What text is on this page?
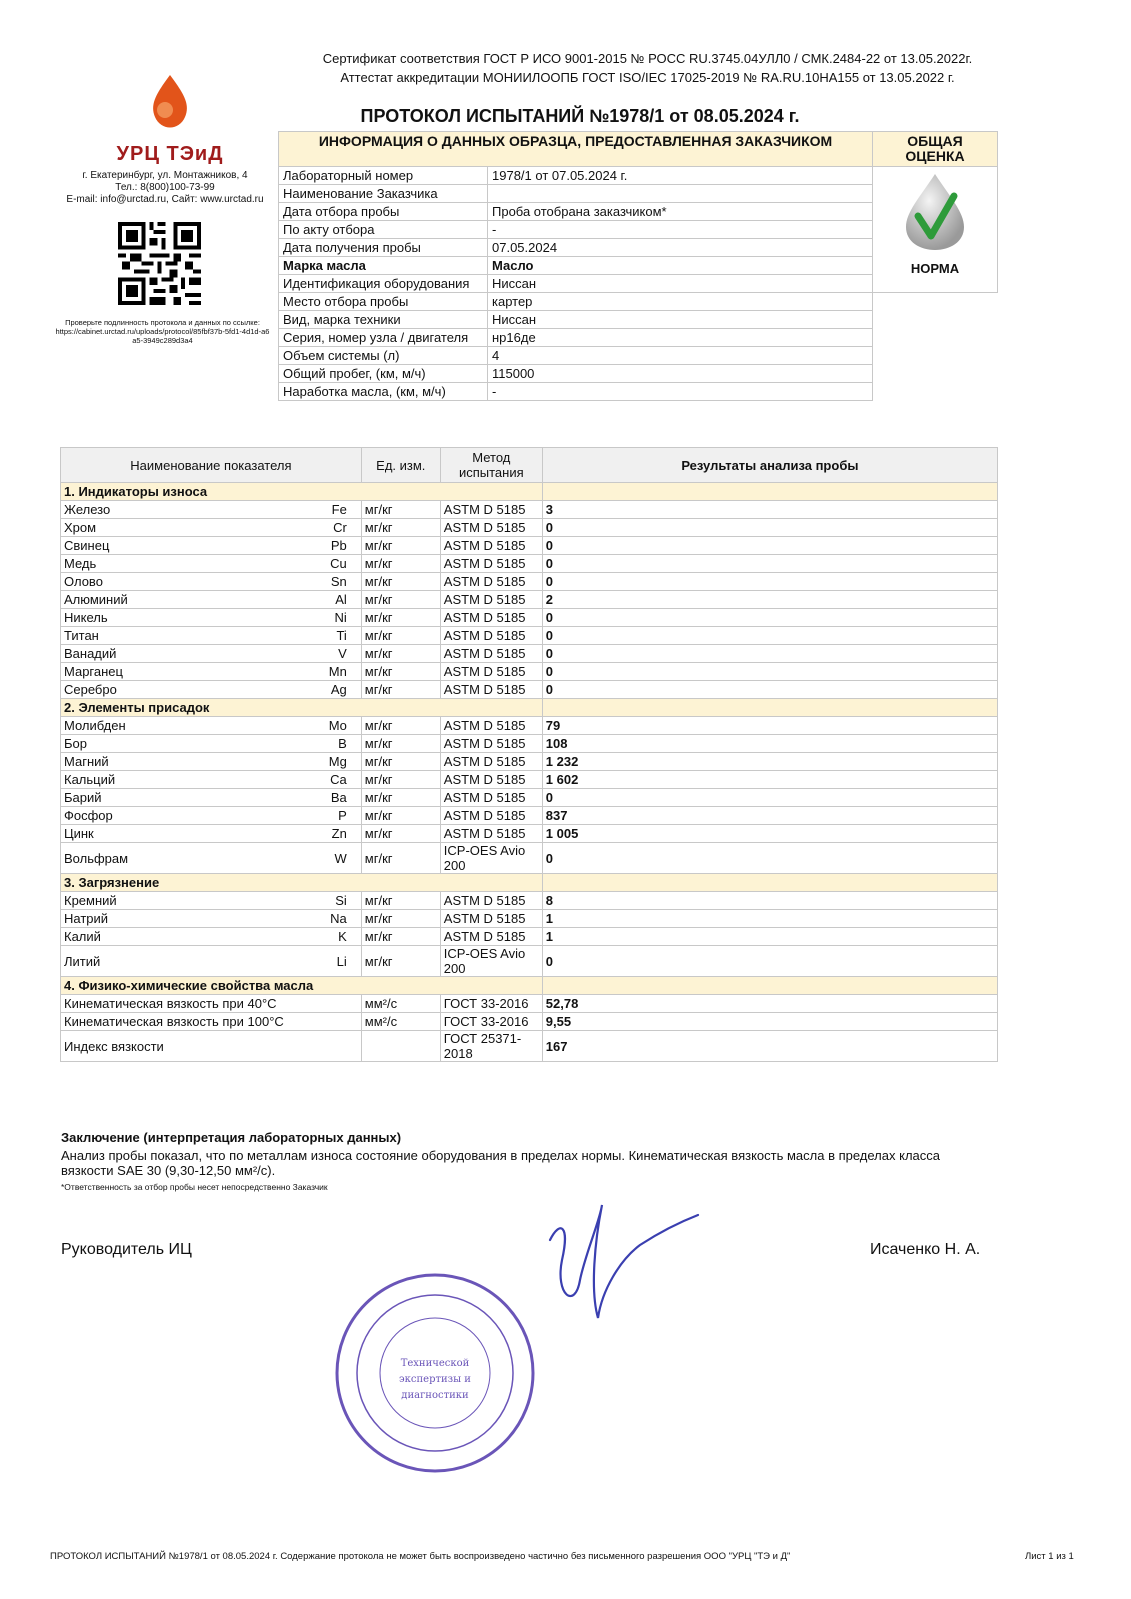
УРЦ ТЭиД
г. Екатеринбург, ул. Монтажников, 4
Тел.: 8(800)100-73-99
E-mail: info@urctad.ru, Сайт: www.urctad.ru
Проверьте подлинность протокола и данных по ссылке:
https://cabinet.urctad.ru/uploads/protocol/85fbf37b-5fd1-4d1d-a6a5-3949c289d3a4
Сертификат соответствия ГОСТ Р ИСО 9001-2015 № РОСС RU.3745.04УЛЛ0 / СМК.2484-22 от 13.05.2022г.
Аттестат аккредитации МОНИИЛООПБ ГОСТ ISO/IEC 17025-2019 № RA.RU.10НА155 от 13.05.2022 г.
ПРОТОКОЛ ИСПЫТАНИЙ №1978/1 от 08.05.2024 г.
ИНФОРМАЦИЯ О ДАННЫХ ОБРАЗЦА, ПРЕДОСТАВЛЕННАЯ ЗАКАЗЧИКОМ		ОБЩАЯ ОЦЕНКА
Лабораторный номер	1978/1 от 07.05.2024 г.	НОРМА

Наименование Заказчика		
Дата отбора пробы	Проба отобрана заказчиком*	
По акту отбора	-	
Дата получения пробы	07.05.2024	
Марка масла	Масло	
Идентификация оборудования	Ниссан	
Место отбора пробы	картер	
Вид, марка техники	Ниссан	
Серия, номер узла / двигателя	нр16де	
Объем системы (л)	4	
Общий пробег, (км, м/ч)	115000	
Наработка масла, (км, м/ч)	-	
Наименование показателя		Ед. изм.	Метод испытания	Результаты анализа пробы
1. Индикаторы износа				
Железо	Fe	мг/кг	ASTM D 5185	3
Хром	Cr	мг/кг	ASTM D 5185	0
Свинец	Pb	мг/кг	ASTM D 5185	0
Медь	Cu	мг/кг	ASTM D 5185	0
Олово	Sn	мг/кг	ASTM D 5185	0
Алюминий	Al	мг/кг	ASTM D 5185	2
Никель	Ni	мг/кг	ASTM D 5185	0
Титан	Ti	мг/кг	ASTM D 5185	0
Ванадий	V	мг/кг	ASTM D 5185	0
Марганец	Mn	мг/кг	ASTM D 5185	0
Серебро	Ag	мг/кг	ASTM D 5185	0
2. Элементы присадок				
Молибден	Mo	мг/кг	ASTM D 5185	79
Бор	B	мг/кг	ASTM D 5185	108
Магний	Mg	мг/кг	ASTM D 5185	1 232
Кальций	Ca	мг/кг	ASTM D 5185	1 602
Барий	Ba	мг/кг	ASTM D 5185	0
Фосфор	P	мг/кг	ASTM D 5185	837
Цинк	Zn	мг/кг	ASTM D 5185	1 005
Вольфрам	W	мг/кг	ICP-OES Avio 200	0
3. Загрязнение				
Кремний	Si	мг/кг	ASTM D 5185	8
Натрий	Na	мг/кг	ASTM D 5185	1
Калий	K	мг/кг	ASTM D 5185	1
Литий	Li	мг/кг	ICP-OES Avio 200	0
4. Физико-химические свойства масла				
Кинематическая вязкость при 40°C		мм²/с	ГОСТ 33-2016	52,78
Кинематическая вязкость при 100°C		мм²/с	ГОСТ 33-2016	9,55
Индекс вязкости			ГОСТ 25371-2018	167
Заключение (интерпретация лабораторных данных)
Анализ пробы показал, что по металлам износа состояние оборудования в пределах нормы. Кинематическая вязкость масла в пределах класса вязкости SAE 30 (9,30-12,50 мм²/с).
*Ответственность за отбор пробы несет непосредственно Заказчик
Руководитель ИЦ	Исаченко Н. А.
Технической
экспертизы и
диагностики
ПРОТОКОЛ ИСПЫТАНИЙ №1978/1 от 08.05.2024 г. Содержание протокола не может быть воспроизведено частично без письменного разрешения ООО "УРЦ "ТЭ и Д"	Лист 1 из 1
